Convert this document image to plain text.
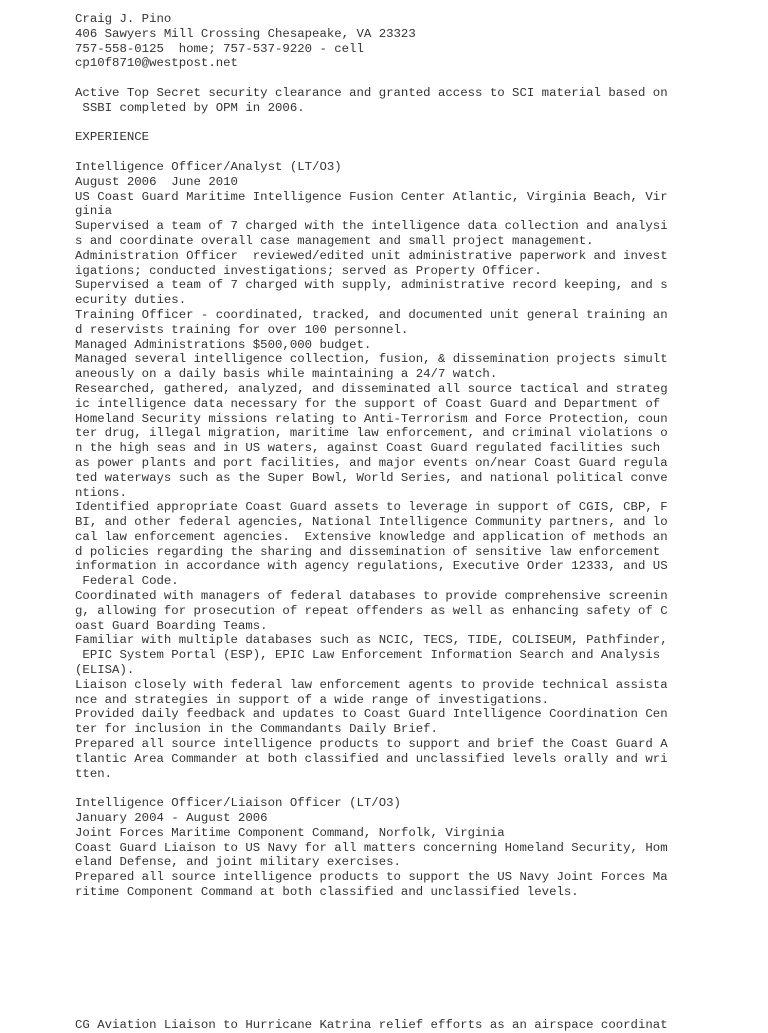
Craig J. Pino
406 Sawyers Mill Crossing Chesapeake, VA 23323
757-558-0125  home; 757-537-9220 - cell
cp10f8710@westpost.net
Active Top Secret security clearance and granted access to SCI material based on
SSBI completed by OPM in 2006.
EXPERIENCE
Intelligence Officer/Analyst (LT/O3)
August 2006  June 2010
US Coast Guard Maritime Intelligence Fusion Center Atlantic, Virginia Beach, Vir
ginia
Supervised a team of 7 charged with the intelligence data collection and analysi
s and coordinate overall case management and small project management.
Administration Officer  reviewed/edited unit administrative paperwork and invest
igations; conducted investigations; served as Property Officer.
Supervised a team of 7 charged with supply, administrative record keeping, and s
ecurity duties.
Training Officer - coordinated, tracked, and documented unit general training an
d reservists training for over 100 personnel.
Managed Administrations $500,000 budget.
Managed several intelligence collection, fusion, & dissemination projects simult
aneously on a daily basis while maintaining a 24/7 watch.
Researched, gathered, analyzed, and disseminated all source tactical and strateg
ic intelligence data necessary for the support of Coast Guard and Department of
Homeland Security missions relating to Anti-Terrorism and Force Protection, coun
ter drug, illegal migration, maritime law enforcement, and criminal violations o
n the high seas and in US waters, against Coast Guard regulated facilities such
as power plants and port facilities, and major events on/near Coast Guard regula
ted waterways such as the Super Bowl, World Series, and national political conve
ntions.
Identified appropriate Coast Guard assets to leverage in support of CGIS, CBP, F
BI, and other federal agencies, National Intelligence Community partners, and lo
cal law enforcement agencies.  Extensive knowledge and application of methods an
d policies regarding the sharing and dissemination of sensitive law enforcement
information in accordance with agency regulations, Executive Order 12333, and US
Federal Code.
Coordinated with managers of federal databases to provide comprehensive screenin
g, allowing for prosecution of repeat offenders as well as enhancing safety of C
oast Guard Boarding Teams.
Familiar with multiple databases such as NCIC, TECS, TIDE, COLISEUM, Pathfinder,
EPIC System Portal (ESP), EPIC Law Enforcement Information Search and Analysis
(ELISA).
Liaison closely with federal law enforcement agents to provide technical assista
nce and strategies in support of a wide range of investigations.
Provided daily feedback and updates to Coast Guard Intelligence Coordination Cen
ter for inclusion in the Commandants Daily Brief.
Prepared all source intelligence products to support and brief the Coast Guard A
tlantic Area Commander at both classified and unclassified levels orally and wri
tten.
Intelligence Officer/Liaison Officer (LT/O3)
January 2004 - August 2006
Joint Forces Maritime Component Command, Norfolk, Virginia
Coast Guard Liaison to US Navy for all matters concerning Homeland Security, Hom
eland Defense, and joint military exercises.
Prepared all source intelligence products to support the US Navy Joint Forces Ma
ritime Component Command at both classified and unclassified levels.
CG Aviation Liaison to Hurricane Katrina relief efforts as an airspace coordinat
